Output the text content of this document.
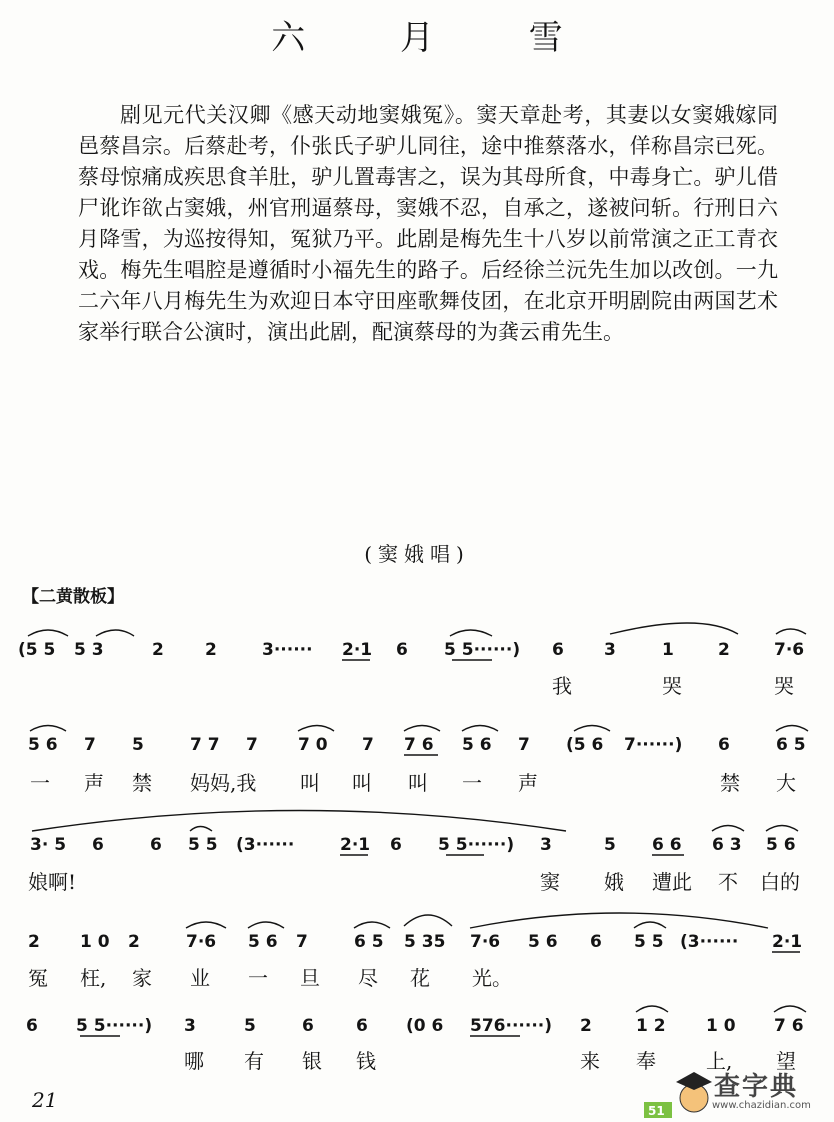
六 月 雪

剧见元代关汉卿《感天动地窦娥冤》。窦天章赴考，其妻以女窦娥嫁同邑蔡昌宗。后蔡赴考，仆张氏子驴儿同往，途中推蔡落水，佯称昌宗已死。蔡母惊痛成疾思食羊肚，驴儿置毒害之，误为其母所食，中毒身亡。驴儿借尸讹诈欲占窦娥，州官刑逼蔡母，窦娥不忍，自承之，遂被问斩。行刑日六月降雪，为巡按得知，冤狱乃平。此剧是梅先生十八岁以前常演之正工青衣戏。梅先生唱腔是遵循时小福先生的路子。后经徐兰沅先生加以改创。一九二六年八月梅先生为欢迎日本守田座歌舞伎团，在北京开明剧院由两国艺术家举行联合公演时，演出此剧，配演蔡母的为龚云甫先生。

(窦娥唱)
【二黄散板】
(5 5 5 3	2 2	3······ 2·1 6 5 5······) 6 3	1	2	7·6
我	哭	哭
5 6 7 5	7 7 7 7 0 7 7 6 5 6 7 (5 6 7······) 6	6 5
一 声 禁 妈妈,我 叫 叫 叫 一 声	禁 大
3· 5 6	6 5 5 (3······	2·1 6 5 5······) 3	5 6 6 6 3 5 6
娘啊!	窦 娥 遭此 不 白的
2 1 0 2	7·6 5 6 7	6 5 5 35 7·6 5 6 6 5 5 (3······ 2·1
冤 枉, 家 业 一 旦 尽 花 光。
6 5 5······) 3	5	6 6 (0 6 576······) 2	1 2 1 0 7 6
哪 有 银 钱	来 奉	上, 望
21	51
查字典
www.chazidian.com
